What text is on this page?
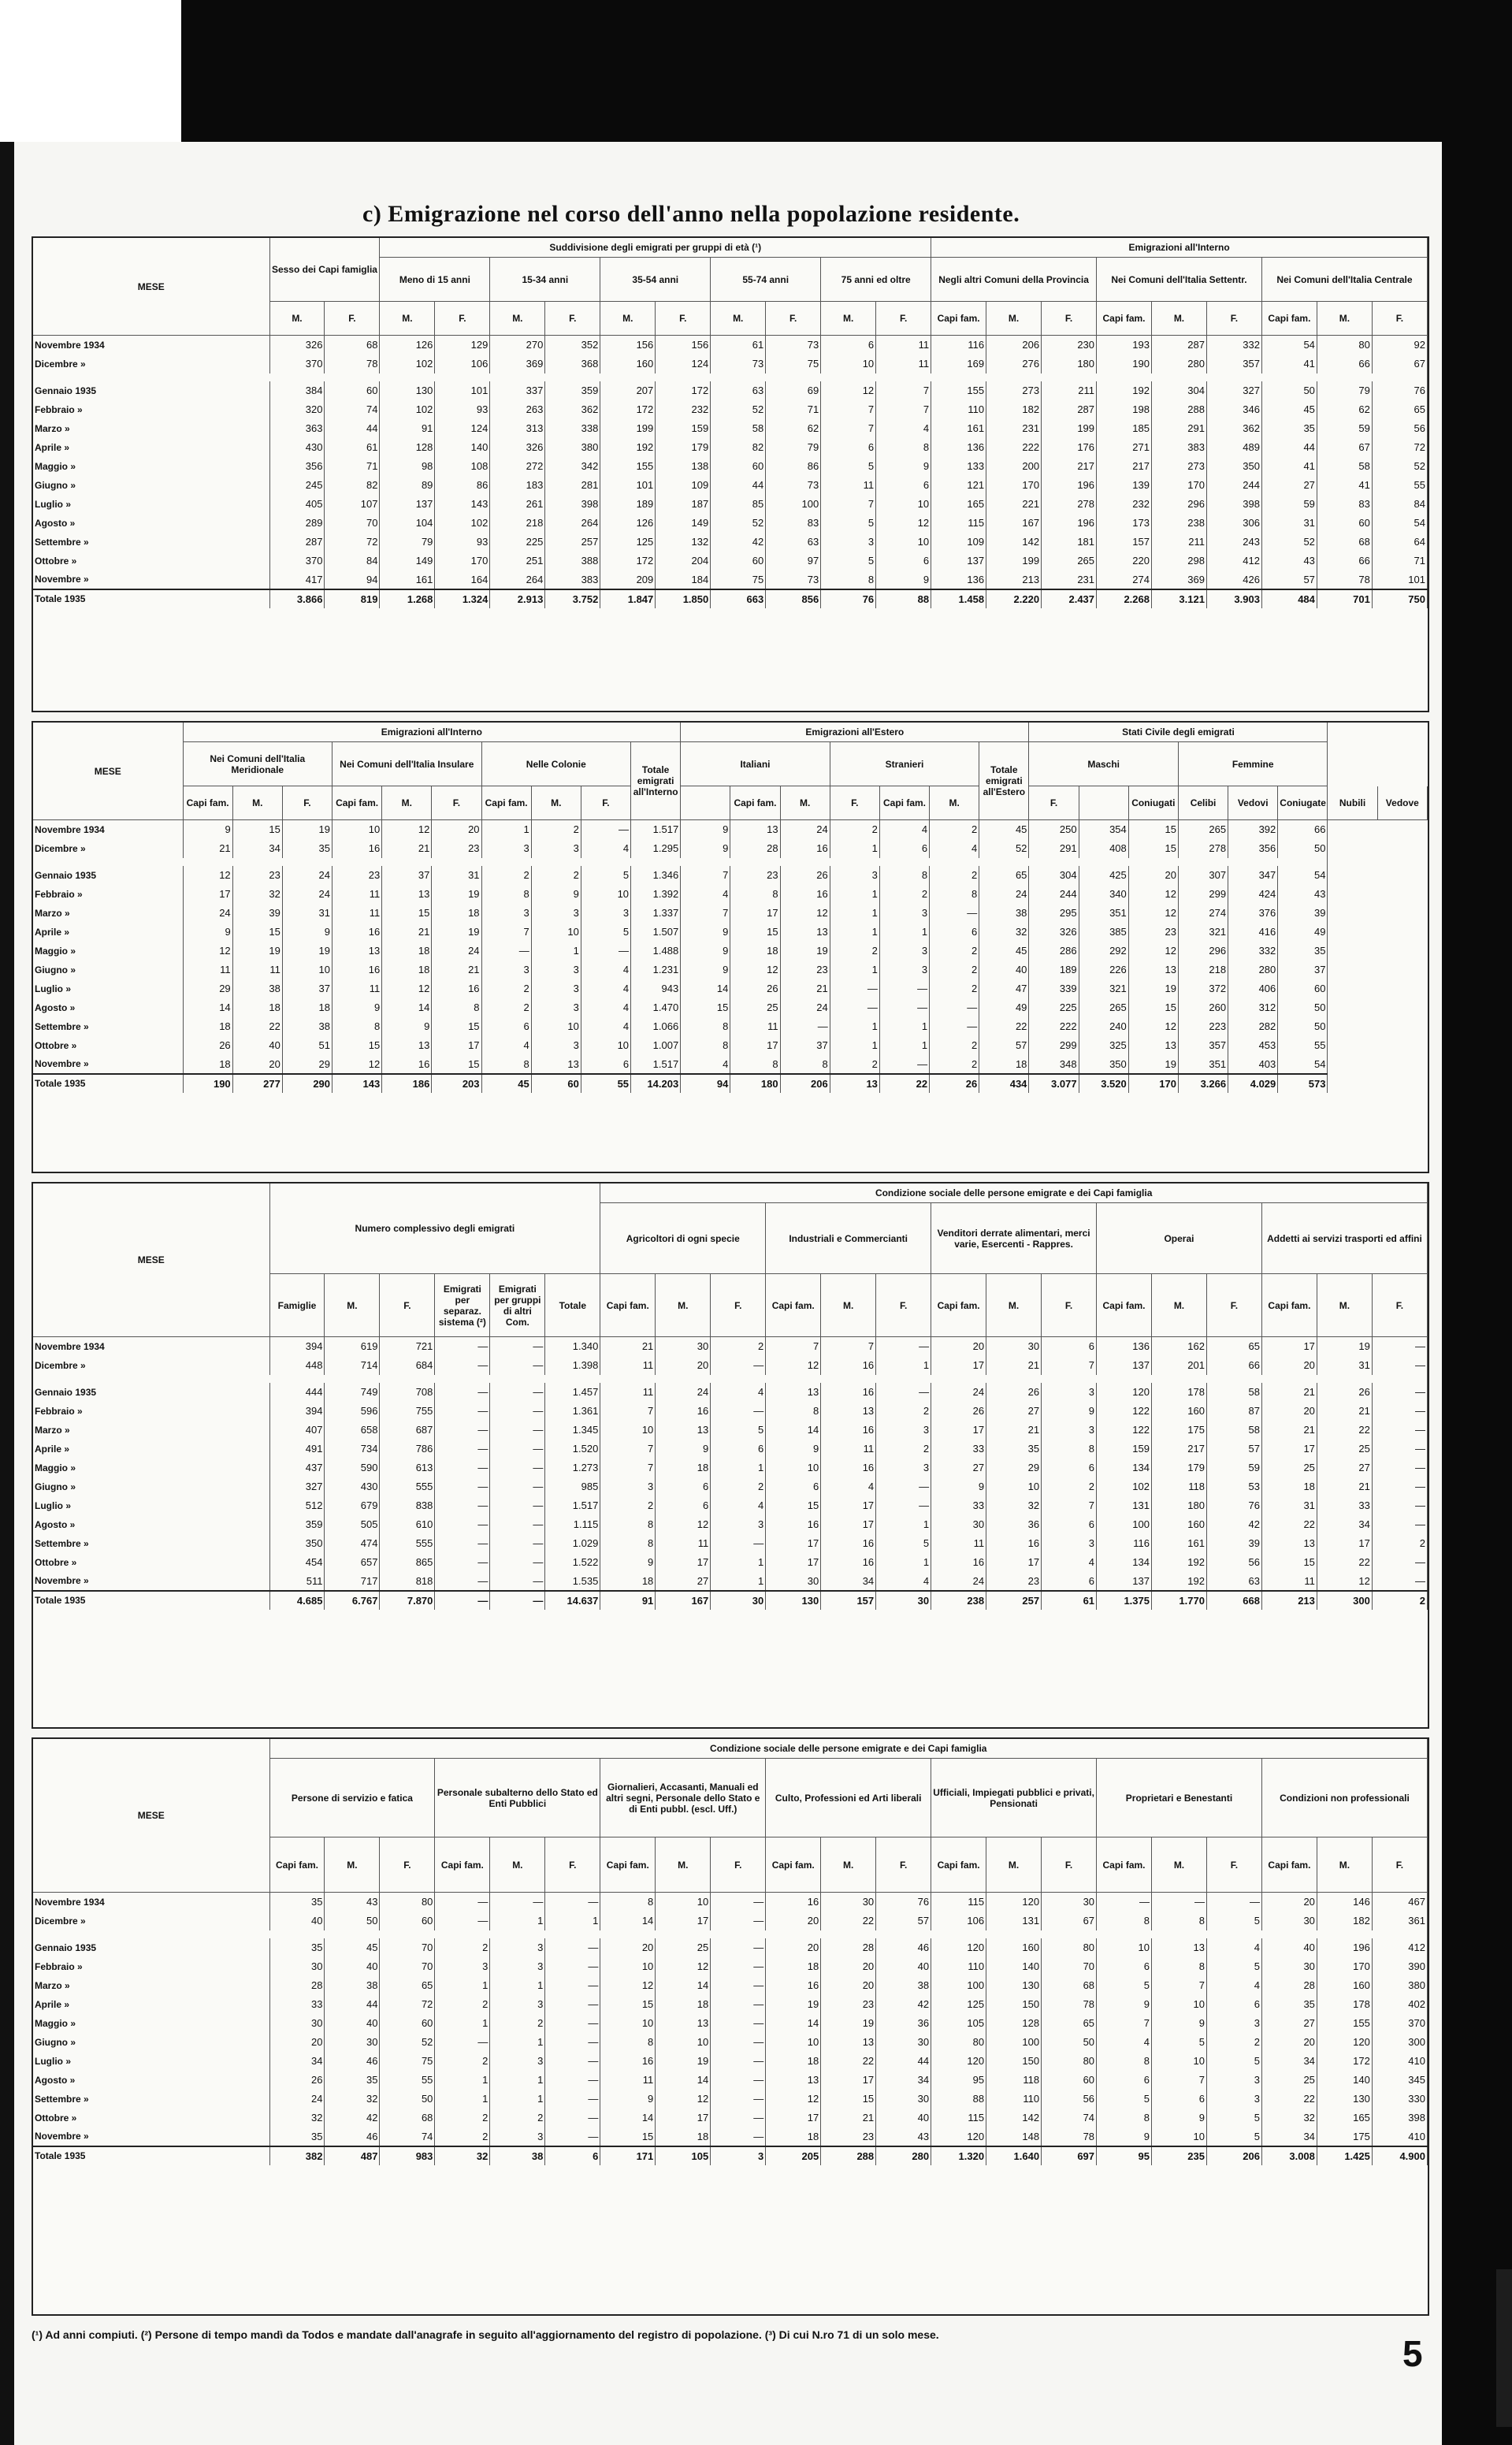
c) Emigrazione nel corso dell'anno nella popolazione residente.
MESE	Sesso dei Capi famiglia		Suddivisione degli emigrati per gruppi di età (¹)										Emigrazioni all'Interno								
			Meno di 15 anni		15-34 anni		35-54 anni		55-74 anni		75 anni ed oltre		Negli altri Comuni della Provincia			Nei Comuni dell'Italia Settentr.			Nei Comuni dell'Italia Centrale		
	M.	F.	M.	F.	M.	F.	M.	F.	M.	F.	M.	F.	Capi fam.	M.	F.	Capi fam.	M.	F.	Capi fam.	M.	F.
Novembre 1934	326	68	126	129	270	352	156	156	61	73	6	11	116	206	230	193	287	332	54	80	92
Dicembre »	370	78	102	106	369	368	160	124	73	75	10	11	169	276	180	190	280	357	41	66	67

Gennaio 1935	384	60	130	101	337	359	207	172	63	69	12	7	155	273	211	192	304	327	50	79	76
Febbraio »	320	74	102	93	263	362	172	232	52	71	7	7	110	182	287	198	288	346	45	62	65
Marzo »	363	44	91	124	313	338	199	159	58	62	7	4	161	231	199	185	291	362	35	59	56
Aprile »	430	61	128	140	326	380	192	179	82	79	6	8	136	222	176	271	383	489	44	67	72
Maggio »	356	71	98	108	272	342	155	138	60	86	5	9	133	200	217	217	273	350	41	58	52
Giugno »	245	82	89	86	183	281	101	109	44	73	11	6	121	170	196	139	170	244	27	41	55
Luglio »	405	107	137	143	261	398	189	187	85	100	7	10	165	221	278	232	296	398	59	83	84
Agosto »	289	70	104	102	218	264	126	149	52	83	5	12	115	167	196	173	238	306	31	60	54
Settembre »	287	72	79	93	225	257	125	132	42	63	3	10	109	142	181	157	211	243	52	68	64
Ottobre »	370	84	149	170	251	388	172	204	60	97	5	6	137	199	265	220	298	412	43	66	71
Novembre »	417	94	161	164	264	383	209	184	75	73	8	9	136	213	231	274	369	426	57	78	101
Totale 1935	3.866	819	1.268	1.324	2.913	3.752	1.847	1.850	663	856	76	88	1.458	2.220	2.437	2.268	3.121	3.903	484	701	750
MESE	Emigrazioni all'Interno										Emigrazioni all'Estero							Stati Civile degli emigrati							
	Nei Comuni dell'Italia Meridionale			Nei Comuni dell'Italia Insulare			Nelle Colonie			Totale emigrati all'Interno	Italiani			Stranieri			Totale emigrati all'Estero	Maschi			Femmine				
	Capi fam.	M.	F.	Capi fam.	M.	F.	Capi fam.	M.	F.			Capi fam.	M.	F.	Capi fam.	M.		F.		Coniugati	Celibi	Vedovi	Coniugate	Nubili	Vedove
Novembre 1934	9	15	19	10	12	20	1	2	—	1.517	9	13	24	2	4	2	45	250	354	15	265	392	66		
Dicembre »	21	34	35	16	21	23	3	3	4	1.295	9	28	16	1	6	4	52	291	408	15	278	356	50		

Gennaio 1935	12	23	24	23	37	31	2	2	5	1.346	7	23	26	3	8	2	65	304	425	20	307	347	54		
Febbraio »	17	32	24	11	13	19	8	9	10	1.392	4	8	16	1	2	8	24	244	340	12	299	424	43		
Marzo »	24	39	31	11	15	18	3	3	3	1.337	7	17	12	1	3	—	38	295	351	12	274	376	39		
Aprile »	9	15	9	16	21	19	7	10	5	1.507	9	15	13	1	1	6	32	326	385	23	321	416	49		
Maggio »	12	19	19	13	18	24	—	1	—	1.488	9	18	19	2	3	2	45	286	292	12	296	332	35		
Giugno »	11	11	10	16	18	21	3	3	4	1.231	9	12	23	1	3	2	40	189	226	13	218	280	37		
Luglio »	29	38	37	11	12	16	2	3	4	943	14	26	21	—	—	2	47	339	321	19	372	406	60		
Agosto »	14	18	18	9	14	8	2	3	4	1.470	15	25	24	—	—	—	49	225	265	15	260	312	50		
Settembre »	18	22	38	8	9	15	6	10	4	1.066	8	11	—	1	1	—	22	222	240	12	223	282	50		
Ottobre »	26	40	51	15	13	17	4	3	10	1.007	8	17	37	1	1	2	57	299	325	13	357	453	55		
Novembre »	18	20	29	12	16	15	8	13	6	1.517	4	8	8	2	—	2	18	348	350	19	351	403	54		
Totale 1935	190	277	290	143	186	203	45	60	55	14.203	94	180	206	13	22	26	434	3.077	3.520	170	3.266	4.029	573		
MESE	Numero complessivo degli emigrati						Condizione sociale delle persone emigrate e dei Capi famiglia														
							Agricoltori di ogni specie			Industriali e Commercianti			Venditori derrate alimentari, merci varie, Esercenti - Rappres.			Operai			Addetti ai servizi trasporti ed affini		
	Famiglie	M.	F.	Emigrati per separaz. sistema (²)	Emigrati per gruppi di altri Com.	Totale	Capi fam.	M.	F.	Capi fam.	M.	F.	Capi fam.	M.	F.	Capi fam.	M.	F.	Capi fam.	M.	F.
Novembre 1934	394	619	721	—	—	1.340	21	30	2	7	7	—	20	30	6	136	162	65	17	19	—
Dicembre »	448	714	684	—	—	1.398	11	20	—	12	16	1	17	21	7	137	201	66	20	31	—

Gennaio 1935	444	749	708	—	—	1.457	11	24	4	13	16	—	24	26	3	120	178	58	21	26	—
Febbraio »	394	596	755	—	—	1.361	7	16	—	8	13	2	26	27	9	122	160	87	20	21	—
Marzo »	407	658	687	—	—	1.345	10	13	5	14	16	3	17	21	3	122	175	58	21	22	—
Aprile »	491	734	786	—	—	1.520	7	9	6	9	11	2	33	35	8	159	217	57	17	25	—
Maggio »	437	590	613	—	—	1.273	7	18	1	10	16	3	27	29	6	134	179	59	25	27	—
Giugno »	327	430	555	—	—	985	3	6	2	6	4	—	9	10	2	102	118	53	18	21	—
Luglio »	512	679	838	—	—	1.517	2	6	4	15	17	—	33	32	7	131	180	76	31	33	—
Agosto »	359	505	610	—	—	1.115	8	12	3	16	17	1	30	36	6	100	160	42	22	34	—
Settembre »	350	474	555	—	—	1.029	8	11	—	17	16	5	11	16	3	116	161	39	13	17	2
Ottobre »	454	657	865	—	—	1.522	9	17	1	17	16	1	16	17	4	134	192	56	15	22	—
Novembre »	511	717	818	—	—	1.535	18	27	1	30	34	4	24	23	6	137	192	63	11	12	—
Totale 1935	4.685	6.767	7.870	—	—	14.637	91	167	30	130	157	30	238	257	61	1.375	1.770	668	213	300	2
MESE	Condizione sociale delle persone emigrate e dei Capi famiglia																				
	Persone di servizio e fatica			Personale subalterno dello Stato ed Enti Pubblici			Giornalieri, Accasanti, Manuali ed altri segni, Personale dello Stato e di Enti pubbl. (escl. Uff.)			Culto, Professioni ed Arti liberali			Ufficiali, Impiegati pubblici e privati, Pensionati			Proprietari e Benestanti			Condizioni non professionali		
	Capi fam.	M.	F.	Capi fam.	M.	F.	Capi fam.	M.	F.	Capi fam.	M.	F.	Capi fam.	M.	F.	Capi fam.	M.	F.	Capi fam.	M.	F.
Novembre 1934	35	43	80	—	—	—	8	10	—	16	30	76	115	120	30	—	—	—	20	146	467
Dicembre »	40	50	60	—	1	1	14	17	—	20	22	57	106	131	67	8	8	5	30	182	361

Gennaio 1935	35	45	70	2	3	—	20	25	—	20	28	46	120	160	80	10	13	4	40	196	412
Febbraio »	30	40	70	3	3	—	10	12	—	18	20	40	110	140	70	6	8	5	30	170	390
Marzo »	28	38	65	1	1	—	12	14	—	16	20	38	100	130	68	5	7	4	28	160	380
Aprile »	33	44	72	2	3	—	15	18	—	19	23	42	125	150	78	9	10	6	35	178	402
Maggio »	30	40	60	1	2	—	10	13	—	14	19	36	105	128	65	7	9	3	27	155	370
Giugno »	20	30	52	—	1	—	8	10	—	10	13	30	80	100	50	4	5	2	20	120	300
Luglio »	34	46	75	2	3	—	16	19	—	18	22	44	120	150	80	8	10	5	34	172	410
Agosto »	26	35	55	1	1	—	11	14	—	13	17	34	95	118	60	6	7	3	25	140	345
Settembre »	24	32	50	1	1	—	9	12	—	12	15	30	88	110	56	5	6	3	22	130	330
Ottobre »	32	42	68	2	2	—	14	17	—	17	21	40	115	142	74	8	9	5	32	165	398
Novembre »	35	46	74	2	3	—	15	18	—	18	23	43	120	148	78	9	10	5	34	175	410
Totale 1935	382	487	983	32	38	6	171	105	3	205	288	280	1.320	1.640	697	95	235	206	3.008	1.425	4.900
(¹) Ad anni compiuti. (²) Persone di tempo mandì da Todos e mandate dall'anagrafe in seguito all'aggiornamento del registro di popolazione. (³) Di cui N.ro 71 di un solo mese.	5
